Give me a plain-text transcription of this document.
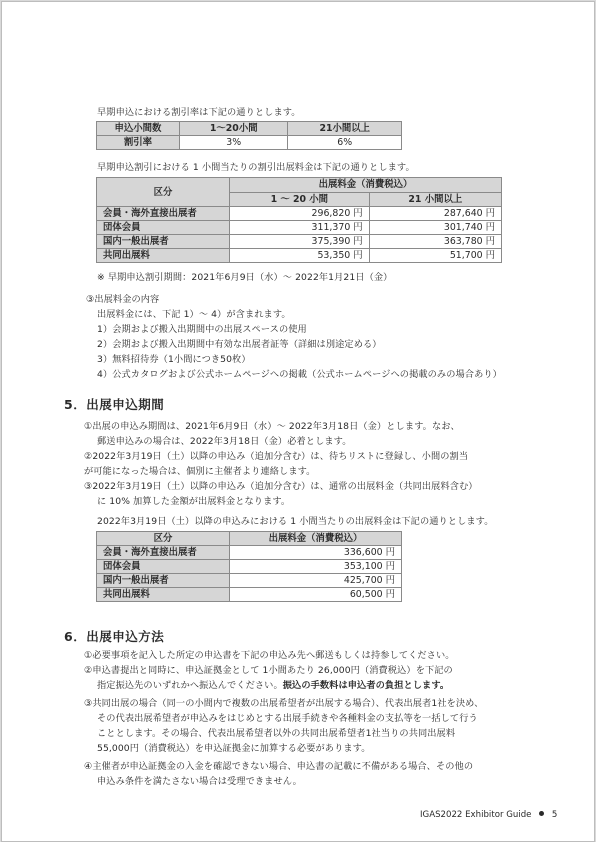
早期申込における割引率は下記の通りとします。
申込小間数	1〜20小間	21小間以上
割引率	3%	6%
早期申込割引における 1 小間当たりの割引出展料金は下記の通りとします。
区分	出展料金（消費税込）	
	1 〜 20 小間	21 小間以上
会員・海外直接出展者	296,820 円	287,640 円
団体会員	311,370 円	301,740 円
国内一般出展者	375,390 円	363,780 円
共同出展料	53,350 円	51,700 円
※ 早期申込割引期間：2021年6月9日（水）〜 2022年1月21日（金）
③出展料金の内容
出展料金には、下記 1）〜 4）が含まれます。
1）会期および搬入出期間中の出展スペースの使用
2）会期および搬入出期間中有効な出展者証等（詳細は別途定める）
3）無料招待券（1小間につき50枚）
4）公式カタログおよび公式ホームページへの掲載（公式ホームページへの掲載のみの場合あり）
5．出展申込期間
①出展の申込み期間は、2021年6月9日（水）〜 2022年3月18日（金）とします。なお、
郵送申込みの場合は、2022年3月18日（金）必着とします。
②2022年3月19日（土）以降の申込み（追加分含む）は、待ちリストに登録し、小間の割当
が可能になった場合は、個別に主催者より連絡します。
③2022年3月19日（土）以降の申込み（追加分含む）は、通常の出展料金（共同出展料含む）
に 10% 加算した金額が出展料金となります。
2022年3月19日（土）以降の申込みにおける 1 小間当たりの出展料金は下記の通りとします。
区分	出展料金（消費税込）
会員・海外直接出展者	336,600 円
団体会員	353,100 円
国内一般出展者	425,700 円
共同出展料	60,500 円
6．出展申込方法
①必要事項を記入した所定の申込書を下記の申込み先へ郵送もしくは持参してください。
②申込書提出と同時に、申込証拠金として 1小間あたり 26,000円（消費税込）を下記の
指定振込先のいずれかへ振込んでください。振込の手数料は申込者の負担とします。
③共同出展の場合（同一の小間内で複数の出展希望者が出展する場合）、代表出展者1社を決め、
その代表出展希望者が申込みをはじめとする出展手続きや各種料金の支払等を一括して行う
こととします。その場合、代表出展希望者以外の共同出展希望者1社当りの共同出展料
55,000円（消費税込）を申込証拠金に加算する必要があります。
④主催者が申込証拠金の入金を確認できない場合、申込書の記載に不備がある場合、その他の
申込み条件を満たさない場合は受理できません。
IGAS2022 Exhibitor Guide 5
